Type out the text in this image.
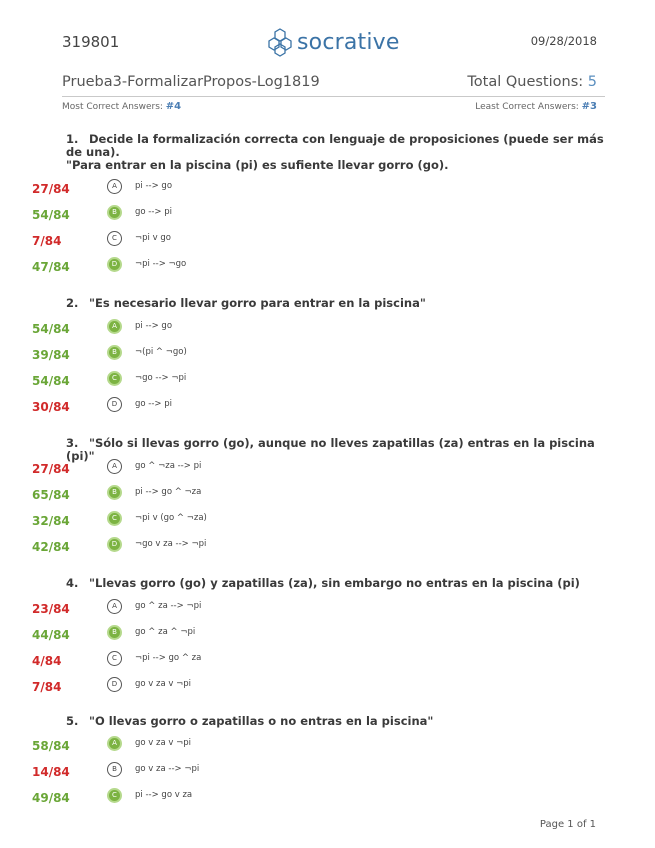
319801	socrative	09/28/2018
Prueba3-FormalizarPropos-Log1819	Total Questions: 5
Most Correct Answers: #4	Least Correct Answers: #3
1. Decide la formalización correcta con lenguaje de proposiciones (puede ser más de una).
"Para entrar en la piscina (pi) es sufiente llevar gorro (go).
27/84	A	pi --> go
54/84	B	go --> pi
7/84	C	¬pi v go
47/84	D	¬pi --> ¬go
2. "Es necesario llevar gorro para entrar en la piscina"
54/84	A	pi --> go
39/84	B	¬(pi ^ ¬go)
54/84	C	¬go --> ¬pi
30/84	D	go --> pi
3. "Sólo si llevas gorro (go), aunque no lleves zapatillas (za) entras en la piscina (pi)"
27/84	A	go ^ ¬za --> pi
65/84	B	pi --> go ^ ¬za
32/84	C	¬pi v (go ^ ¬za)
42/84	D	¬go v za --> ¬pi
4. "Llevas gorro (go) y zapatillas (za), sin embargo no entras en la piscina (pi)
23/84	A	go ^ za --> ¬pi
44/84	B	go ^ za ^ ¬pi
4/84	C	¬pi --> go ^ za
7/84	D	go v za v ¬pi
5. "O llevas gorro o zapatillas o no entras en la piscina"
58/84	A	go v za v ¬pi
14/84	B	go v za --> ¬pi
49/84	C	pi --> go v za
Page 1 of 1
